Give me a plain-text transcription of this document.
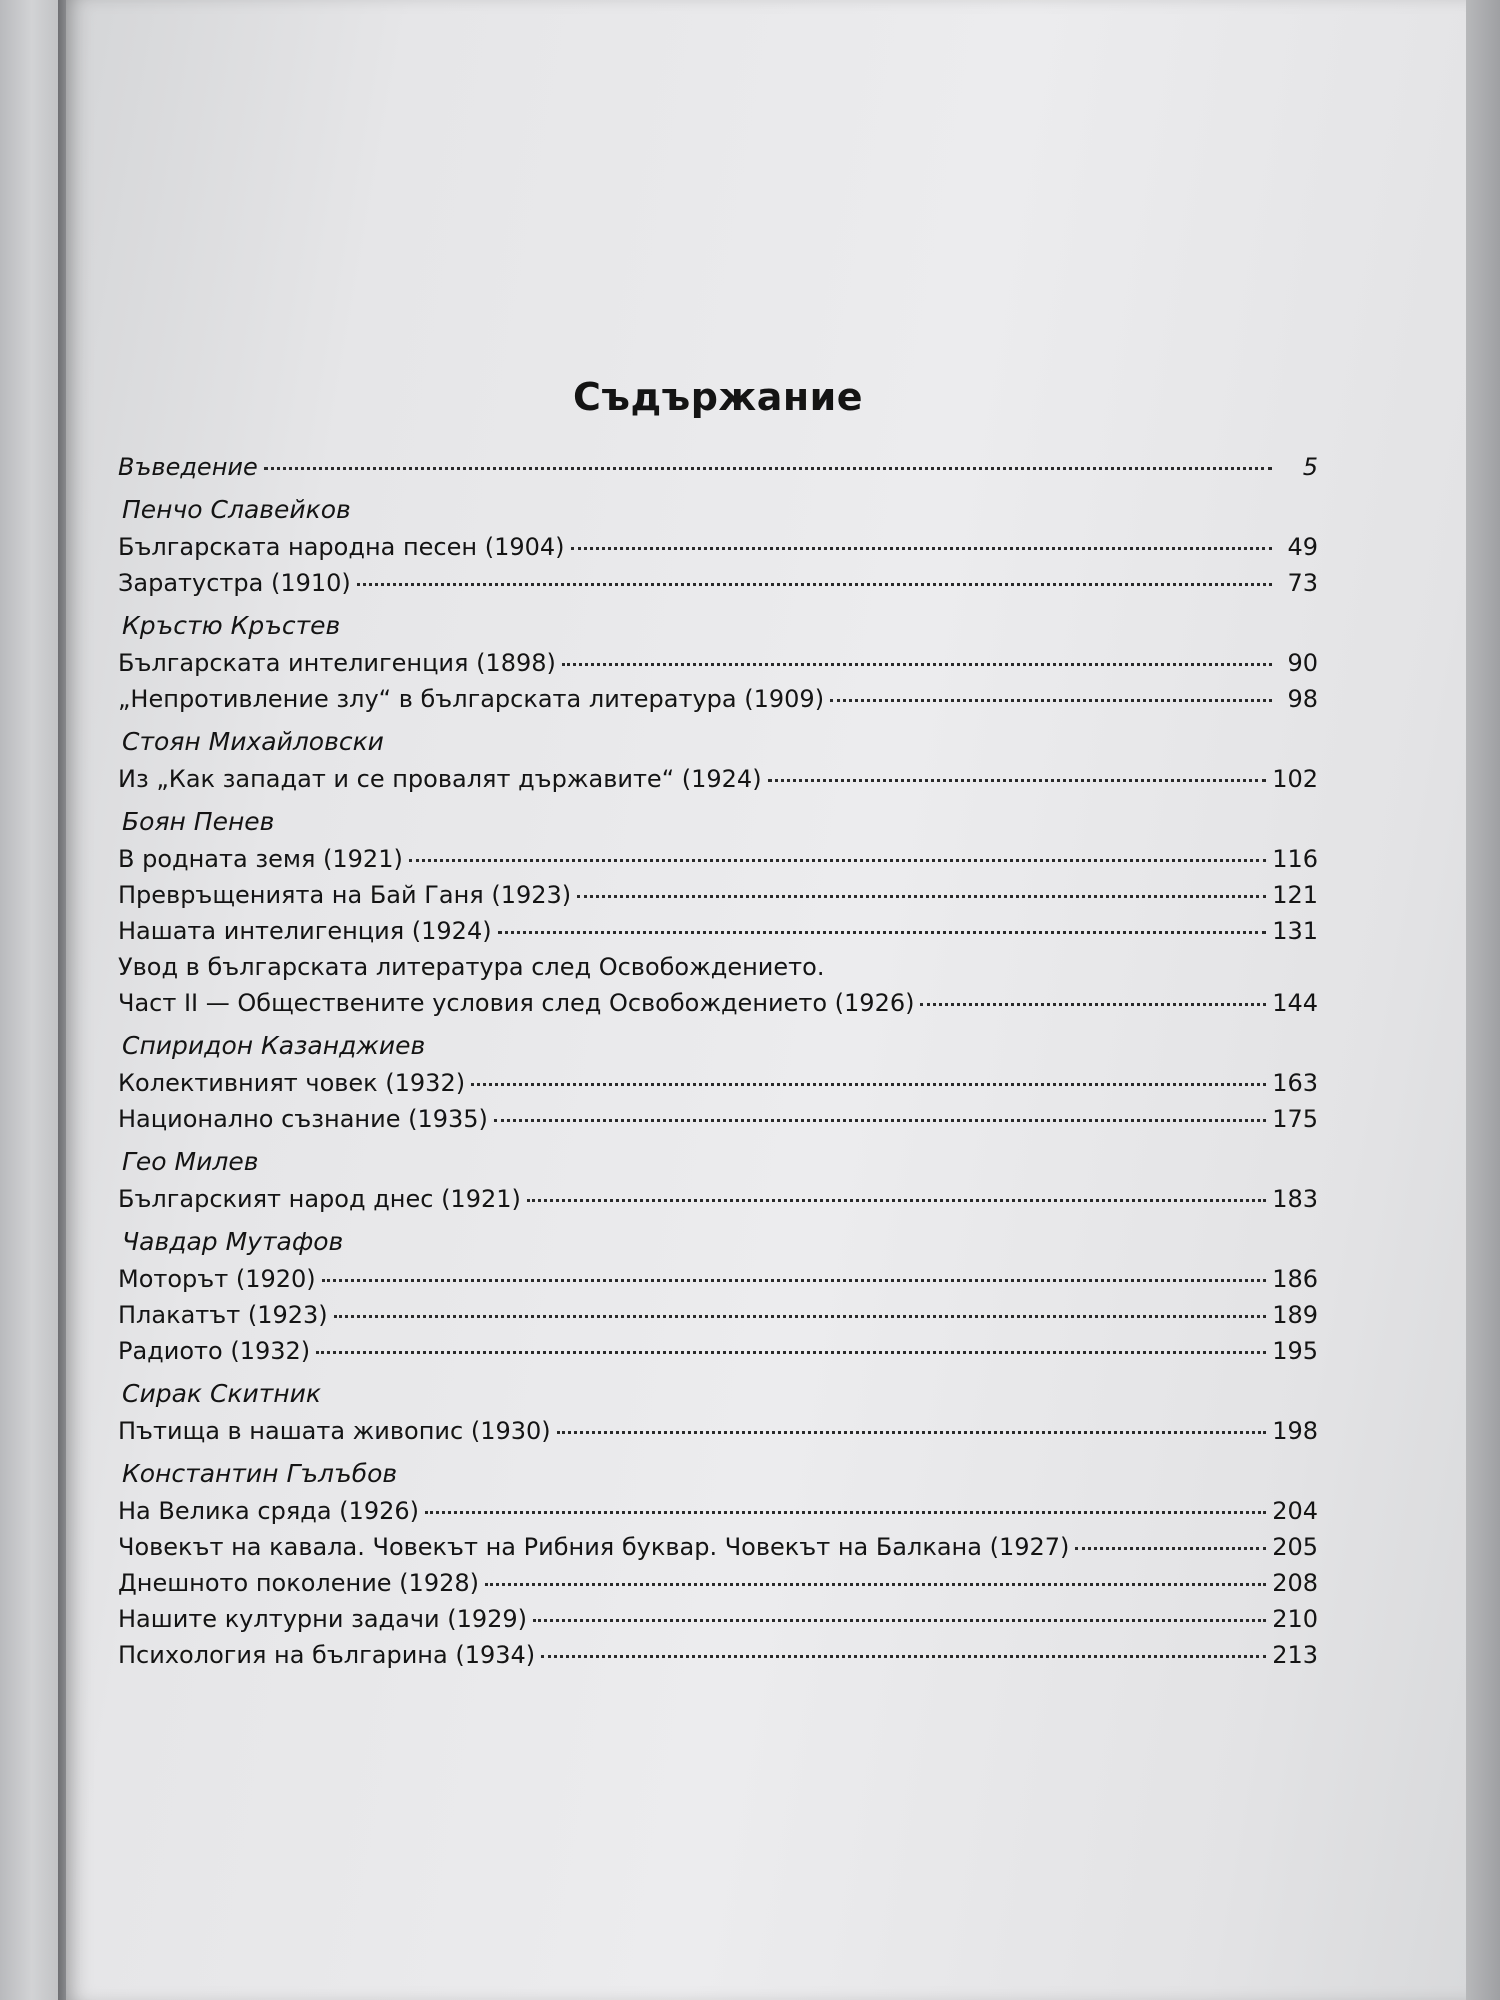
Съдържание
Въведение	5
Пенчо Славейков
Българската народна песен (1904)	49
Заратустра (1910)	73
Кръстю Кръстев
Българската интелигенция (1898)	90
„Непротивление злу“ в българската литература (1909)	98
Стоян Михайловски
Из „Как западат и се провалят държавите“ (1924)	102
Боян Пенев
В родната земя (1921)	116
Превръщенията на Бай Ганя (1923)	121
Нашата интелигенция (1924)	131
Увод в българската литература след Освобождението.
Част II — Обществените условия след Освобождението (1926)	144
Спиридон Казанджиев
Колективният човек (1932)	163
Национално съзнание (1935)	175
Гео Милев
Българският народ днес (1921)	183
Чавдар Мутафов
Моторът (1920)	186
Плакатът (1923)	189
Радиото (1932)	195
Сирак Скитник
Пътища в нашата живопис (1930)	198
Константин Гълъбов
На Велика сряда (1926)	204
Човекът на кавала. Човекът на Рибния буквар. Човекът на Балкана (1927)	205
Днешното поколение (1928)	208
Нашите културни задачи (1929)	210
Психология на българина (1934)	213
